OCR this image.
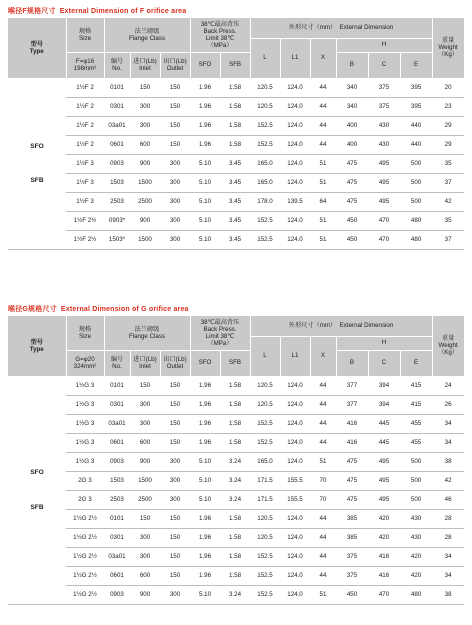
喉径F规格尺寸 External Dimension of F orifice area
型号
Type	规格
Size	法兰磅级
Flange Class			38℃最高背压
Back Press.
Limit 38℃
（MPa）		外形尺寸（mm） External Dimension						重量
Weight
（Kg）
							L	L1	X	H			
	F=φ16
198mm²	编号
No.	进口(Lb)
Inlet	出口(Lb)
Outlet	SFO	SFB				B	C	E	
SFO

SFB	1½F 2	0101	150	150	1.96	1.58	120.5	124.0	44	340	375	395	20
	1½F 2	0301	300	150	1.96	1.58	120.5	124.0	44	340	375	395	23
	1½F 2	03a01	300	150	1.96	1.58	152.5	124.0	44	400	430	440	29
	1½F 2	0601	600	150	1.96	1.58	152.5	124.0	44	400	430	440	29
	1½F 3	0903	900	300	5.10	3.45	165.0	124.0	51	475	495	500	35
	1½F 3	1503	1500	300	5.10	3.45	165.0	124.0	51	475	495	500	37
	1½F 3	2503	2500	300	5.10	3.45	178.0	139.5	64	475	495	500	42
	1½F 2½	0903*	900	300	5.10	3.45	152.5	124.0	51	450	470	480	35
	1½F 2½	1503*	1500	300	5.10	3.45	152.5	124.0	51	450	470	480	37
喉径G规格尺寸 External Dimension of G orifice area
型号
Type	规格
Size	法兰磅级
Flange Class			38℃最高背压
Back Press.
Limit 38℃
（MPa）		外形尺寸（mm） External Dimension						重量
Weight
（Kg）
							L	L1	X	H			
	G=φ20
324mm²	编号
No.	进口(Lb)
Inlet	出口(Lb)
Outlet	SFO	SFB				B	C	E	
SFO

SFB	1½G 3	0101	150	150	1.96	1.58	120.5	124.0	44	377	394	415	24
	1½G 3	0301	300	150	1.96	1.58	120.5	124.0	44	377	394	415	26
	1½G 3	03a01	300	150	1.96	1.58	152.5	124.0	44	416	445	455	34
	1½G 3	0601	600	150	1.96	1.58	152.5	124.0	44	416	445	455	34
	1½G 3	0903	900	300	5.10	3.24	165.0	124.0	51	475	495	500	38
	2G 3	1503	1500	300	5.10	3.24	171.5	155.5	70	475	495	500	42
	2G 3	2503	2500	300	5.10	3.24	171.5	155.5	70	475	495	500	46
	1½G 2½	0101	150	150	1.96	1.58	120.5	124.0	44	385	420	430	28
	1½G 2½	0301	300	150	1.96	1.58	120.5	124.0	44	385	420	430	28
	1½G 2½	03a01	300	150	1.96	1.58	152.5	124.0	44	375	416	420	34
	1½G 2½	0601	600	150	1.96	1.58	152.5	124.0	44	375	416	420	34
	1½G 2½	0903	900	300	5.10	3.24	152.5	124.0	51	450	470	480	38
